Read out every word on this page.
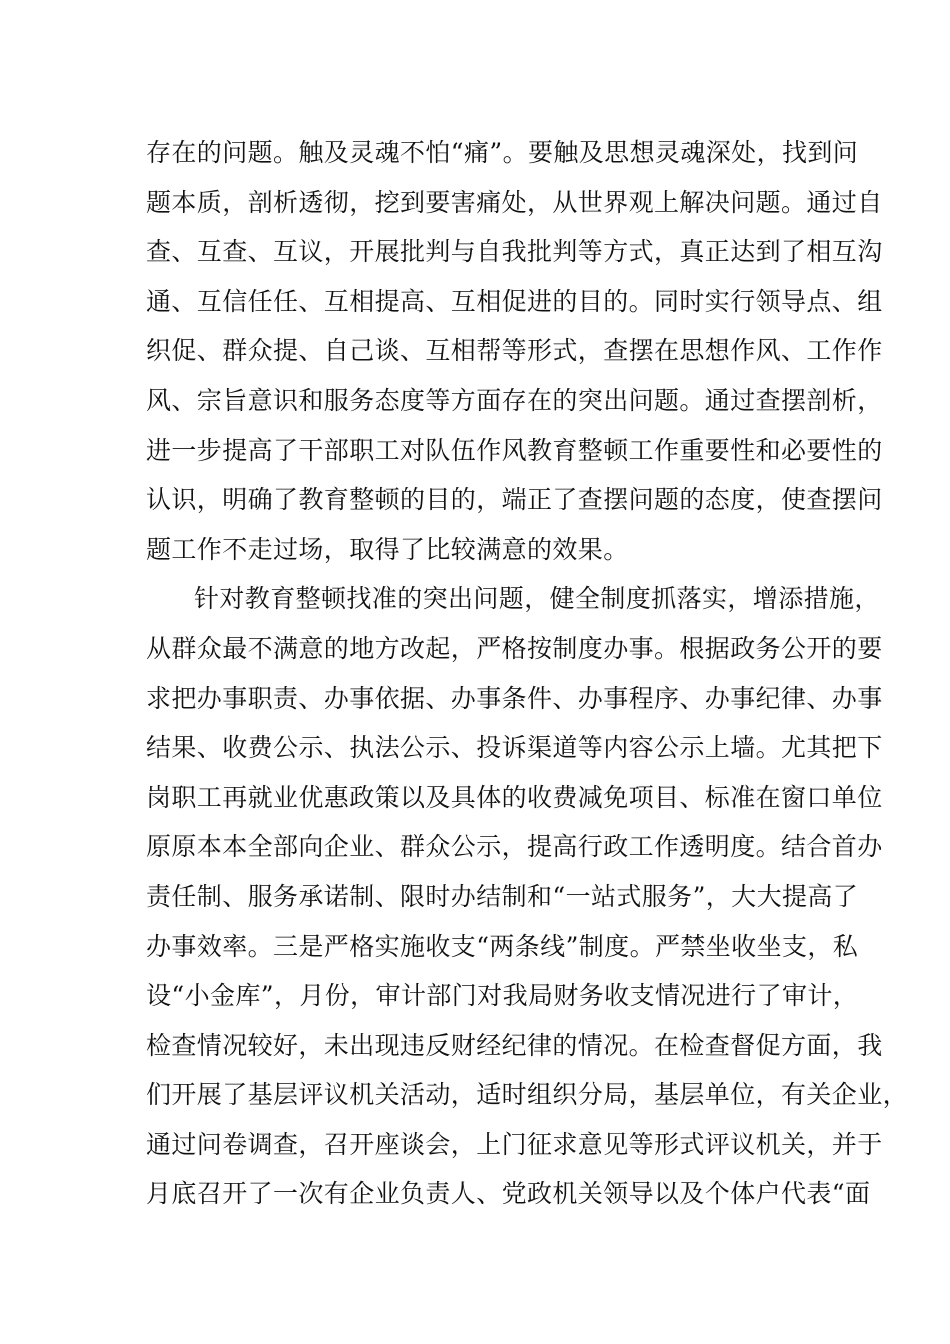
存在的问题。触及灵魂不怕“痛”。要触及思想灵魂深处，找到问
题本质，剖析透彻，挖到要害痛处，从世界观上解决问题。通过自
查、互查、互议，开展批判与自我批判等方式，真正达到了相互沟
通、互信任任、互相提高、互相促进的目的。同时实行领导点、组
织促、群众提、自己谈、互相帮等形式，查摆在思想作风、工作作
风、宗旨意识和服务态度等方面存在的突出问题。通过查摆剖析，
进一步提高了干部职工对队伍作风教育整顿工作重要性和必要性的
认识，明确了教育整顿的目的，端正了查摆问题的态度，使查摆问
题工作不走过场，取得了比较满意的效果。
针对教育整顿找准的突出问题，健全制度抓落实，增添措施，
从群众最不满意的地方改起，严格按制度办事。根据政务公开的要
求把办事职责、办事依据、办事条件、办事程序、办事纪律、办事
结果、收费公示、执法公示、投诉渠道等内容公示上墙。尤其把下
岗职工再就业优惠政策以及具体的收费减免项目、标准在窗口单位
原原本本全部向企业、群众公示，提高行政工作透明度。结合首办
责任制、服务承诺制、限时办结制和“一站式服务”，大大提高了
办事效率。三是严格实施收支“两条线”制度。严禁坐收坐支，私
设“小金库”，月份，审计部门对我局财务收支情况进行了审计，
检查情况较好，未出现违反财经纪律的情况。在检查督促方面，我
们开展了基层评议机关活动，适时组织分局，基层单位，有关企业，
通过问卷调查，召开座谈会，上门征求意见等形式评议机关，并于
月底召开了一次有企业负责人、党政机关领导以及个体户代表“面
